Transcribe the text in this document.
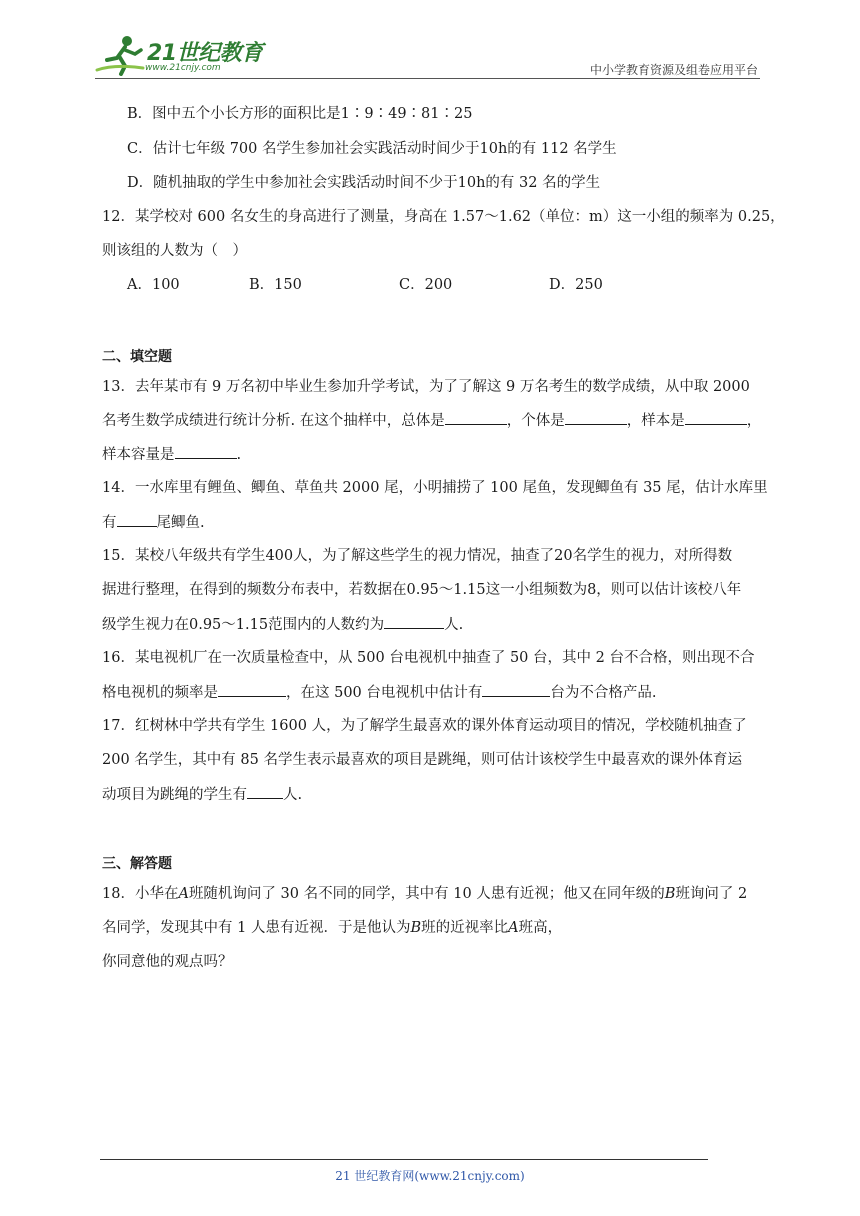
21世纪教育
www.21cnjy.com	中小学教育资源及组卷应用平台
B．图中五个小长方形的面积比是1∶9∶49∶81∶25
C．估计七年级 700 名学生参加社会实践活动时间少于10h的有 112 名学生
D．随机抽取的学生中参加社会实践活动时间不少于10h的有 32 名的学生
12．某学校对 600 名女生的身高进行了测量，身高在 1.57～1.62（单位：m）这一小组的频率为 0.25，
则该组的人数为（　）
A．100	B．150	C．200	D．250
二、填空题
13．去年某市有 9 万名初中毕业生参加升学考试，为了了解这 9 万名考生的数学成绩，从中取 2000
名考生数学成绩进行统计分析. 在这个抽样中，总体是	，个体是	，样本是	，
样本容量是	.
14．一水库里有鲤鱼、鲫鱼、草鱼共 2000 尾，小明捕捞了 100 尾鱼，发现鲫鱼有 35 尾，估计水库里
有	尾鲫鱼.
15．某校八年级共有学生400人，为了解这些学生的视力情况，抽查了20名学生的视力，对所得数
据进行整理，在得到的频数分布表中，若数据在0.95～1.15这一小组频数为8，则可以估计该校八年
级学生视力在0.95～1.15范围内的人数约为	人.
16．某电视机厂在一次质量检查中，从 500 台电视机中抽查了 50 台，其中 2 台不合格，则出现不合
格电视机的频率是	，在这 500 台电视机中估计有	台为不合格产品.
17．红树林中学共有学生 1600 人，为了解学生最喜欢的课外体育运动项目的情况，学校随机抽查了
200 名学生，其中有 85 名学生表示最喜欢的项目是跳绳，则可估计该校学生中最喜欢的课外体育运
动项目为跳绳的学生有 人.
三、解答题
18．小华在A班随机询问了 30 名不同的同学，其中有 10 人患有近视；他又在同年级的B班询问了 2
名同学，发现其中有 1 人患有近视．于是他认为B班的近视率比A班高，
你同意他的观点吗？
21 世纪教育网(www.21cnjy.com)
